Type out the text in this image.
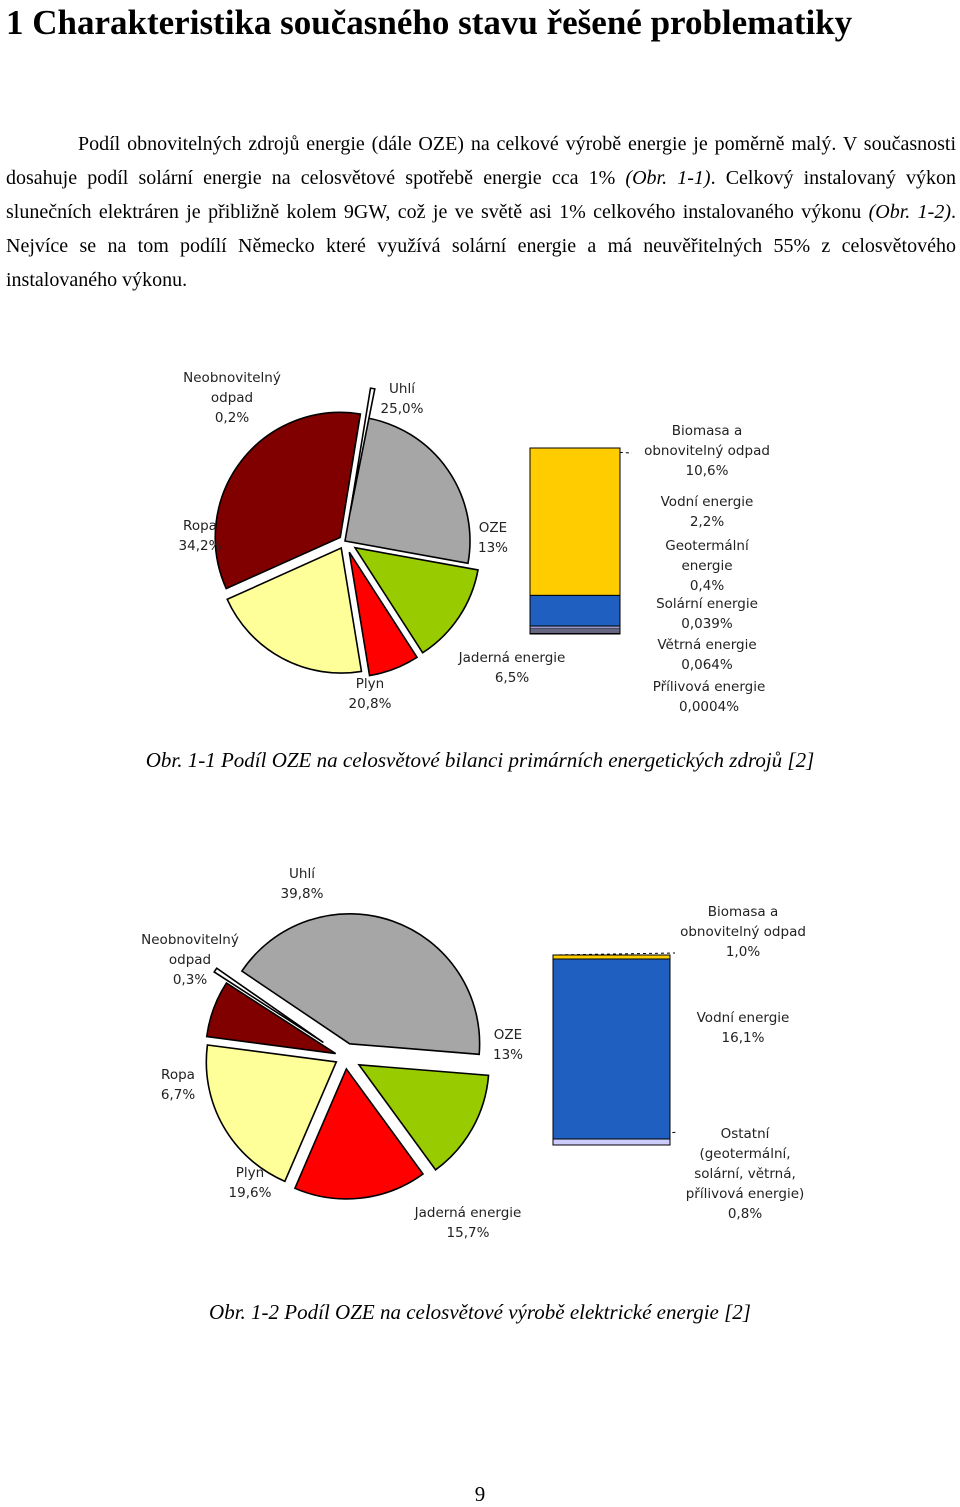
1 Charakteristika současného stavu řešené problematiky
Podíl obnovitelných zdrojů energie (dále OZE) na celkové výrobě energie je poměrně malý. V současnosti dosahuje podíl solární energie na celosvětové spotřebě energie cca 1% (Obr. 1-1). Celkový instalovaný výkon slunečních elektráren je přibližně kolem 9GW, což je ve světě asi 1% celkového instalovaného výkonu (Obr. 1-2). Nejvíce se na tom podílí Německo které využívá solární energie a má neuvěřitelných 55% z celosvětového instalovaného výkonu.
Uhlí 25,0%
OZE 13%
Jaderná energie 6,5%
Plyn 20,8%
Ropa 34,2%
Neobnovitelný odpad 0,2%
Biomasa a obnovitelný odpad 10,6%
Vodní energie 2,2%
Geotermální energie 0,4%
Solární energie 0,039%
Větrná energie 0,064%
Přílivová energie 0,0004%
Obr. 1-1 Podíl OZE na celosvětové bilanci primárních energetických zdrojů [2]
Uhlí 39,8%
OZE 13%
Jaderná energie 15,7%
Plyn 19,6%
Ropa 6,7%
Neobnovitelný odpad 0,3%
Biomasa a obnovitelný odpad 1,0%
Vodní energie 16,1%
Ostatní (geotermální, solární, větrná, přílivová energie) 0,8%
Obr. 1-2 Podíl OZE na celosvětové výrobě elektrické energie [2]
9
